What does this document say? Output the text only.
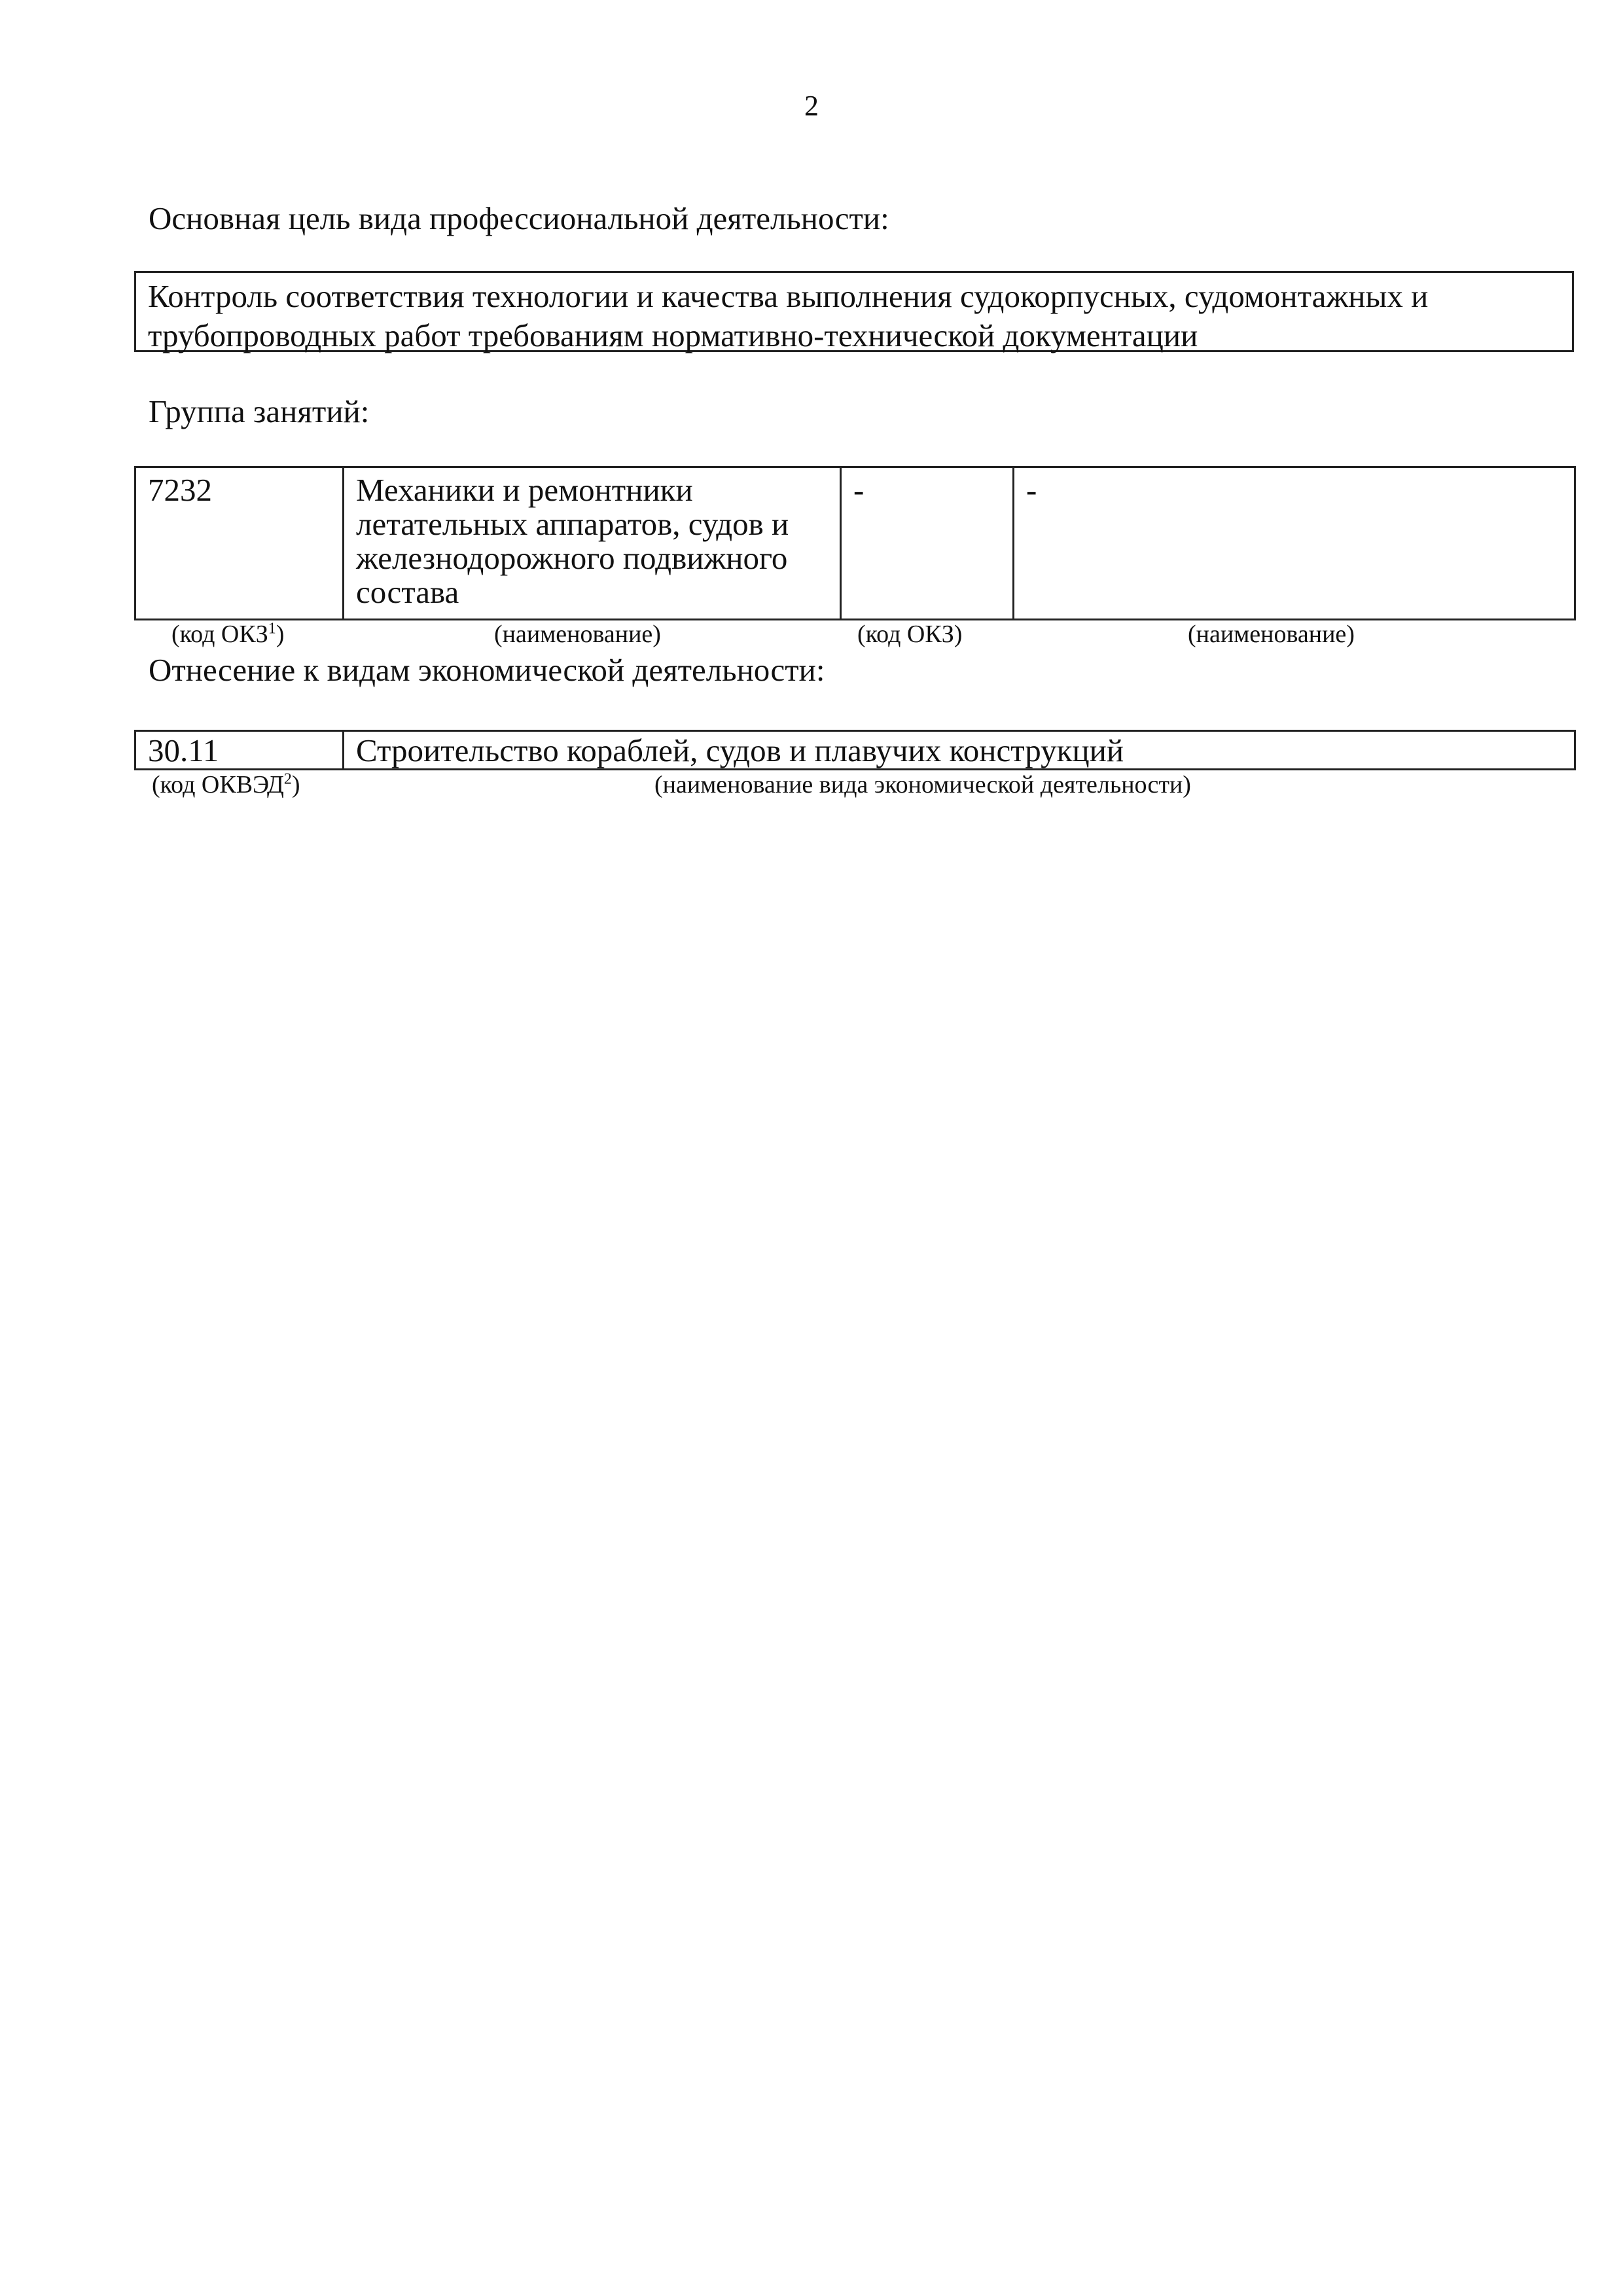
2
Основная цель вида профессиональной деятельности:
Контроль соответствия технологии и качества выполнения судокорпусных, судомонтажных и
трубопроводных работ требованиям нормативно-технической документации
Группа занятий:
7232	Механики и ремонтники летательных аппаратов, судов и железнодорожного подвижного состава	-	-
(код ОКЗ$^1$)	(наименование)	(код ОКЗ)	(наименование)
Отнесение к видам экономической деятельности:
30.11	Строительство кораблей, судов и плавучих конструкций
(код ОКВЭД$^2$)	(наименование вида экономической деятельности)
